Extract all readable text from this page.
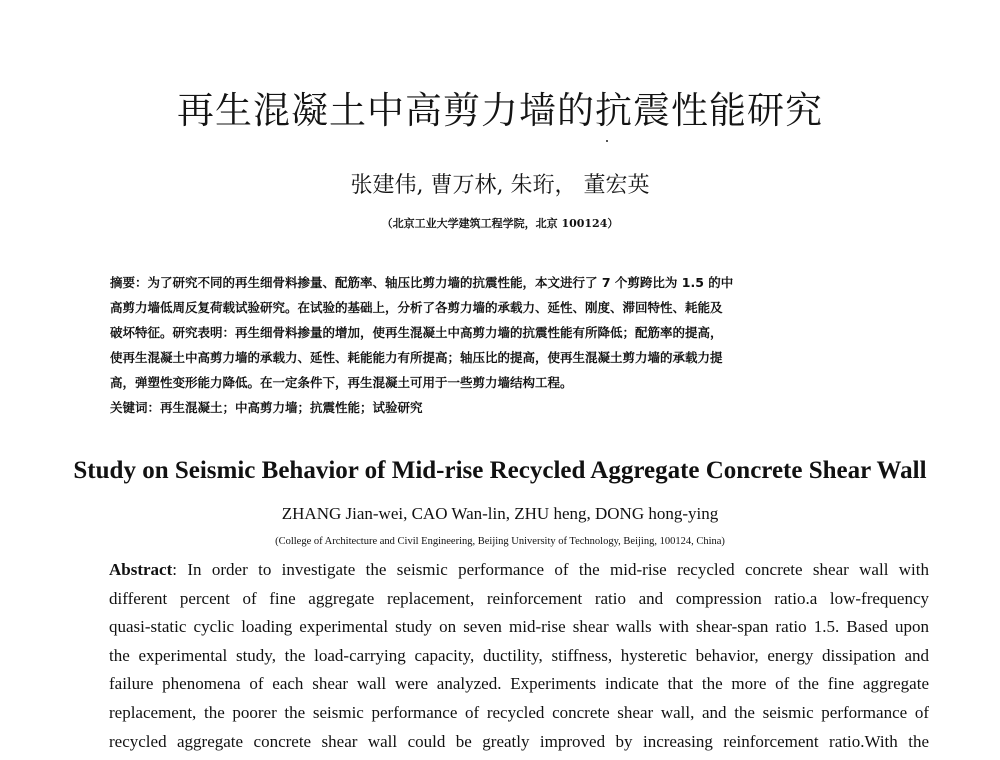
再生混凝土中高剪力墙的抗震性能研究
张建伟, 曹万林, 朱珩， 董宏英
（北京工业大学建筑工程学院，北京 100124）
摘要：为了研究不同的再生细骨料掺量、配筋率、轴压比剪力墙的抗震性能，本文进行了 7 个剪跨比为 1.5 的中
高剪力墙低周反复荷载试验研究。在试验的基础上，分析了各剪力墙的承载力、延性、刚度、滞回特性、耗能及
破坏特征。研究表明：再生细骨料掺量的增加，使再生混凝土中高剪力墙的抗震性能有所降低；配筋率的提高，
使再生混凝土中高剪力墙的承载力、延性、耗能能力有所提高；轴压比的提高，使再生混凝土剪力墙的承载力提
高，弹塑性变形能力降低。在一定条件下，再生混凝土可用于一些剪力墙结构工程。
关键词：再生混凝土；中高剪力墙；抗震性能；试验研究
Study on Seismic Behavior of Mid-rise Recycled Aggregate Concrete Shear Wall
ZHANG Jian-wei, CAO Wan-lin, ZHU heng, DONG hong-ying
(College of Architecture and Civil Engineering, Beijing University of Technology, Beijing, 100124, China)
Abstract: In order to investigate the seismic performance of the mid-rise recycled concrete shear wall with
different percent of fine aggregate replacement, reinforcement ratio and compression ratio.a low-frequency
quasi-static cyclic loading experimental study on seven mid-rise shear walls with shear-span ratio 1.5. Based upon
the experimental study, the load-carrying capacity, ductility, stiffness, hysteretic behavior, energy dissipation and
failure phenomena of each shear wall were analyzed. Experiments indicate that the more of the fine aggregate
replacement, the poorer the seismic performance of recycled concrete shear wall, and the seismic performance of
recycled aggregate concrete shear wall could be greatly improved by increasing reinforcement ratio.With the
